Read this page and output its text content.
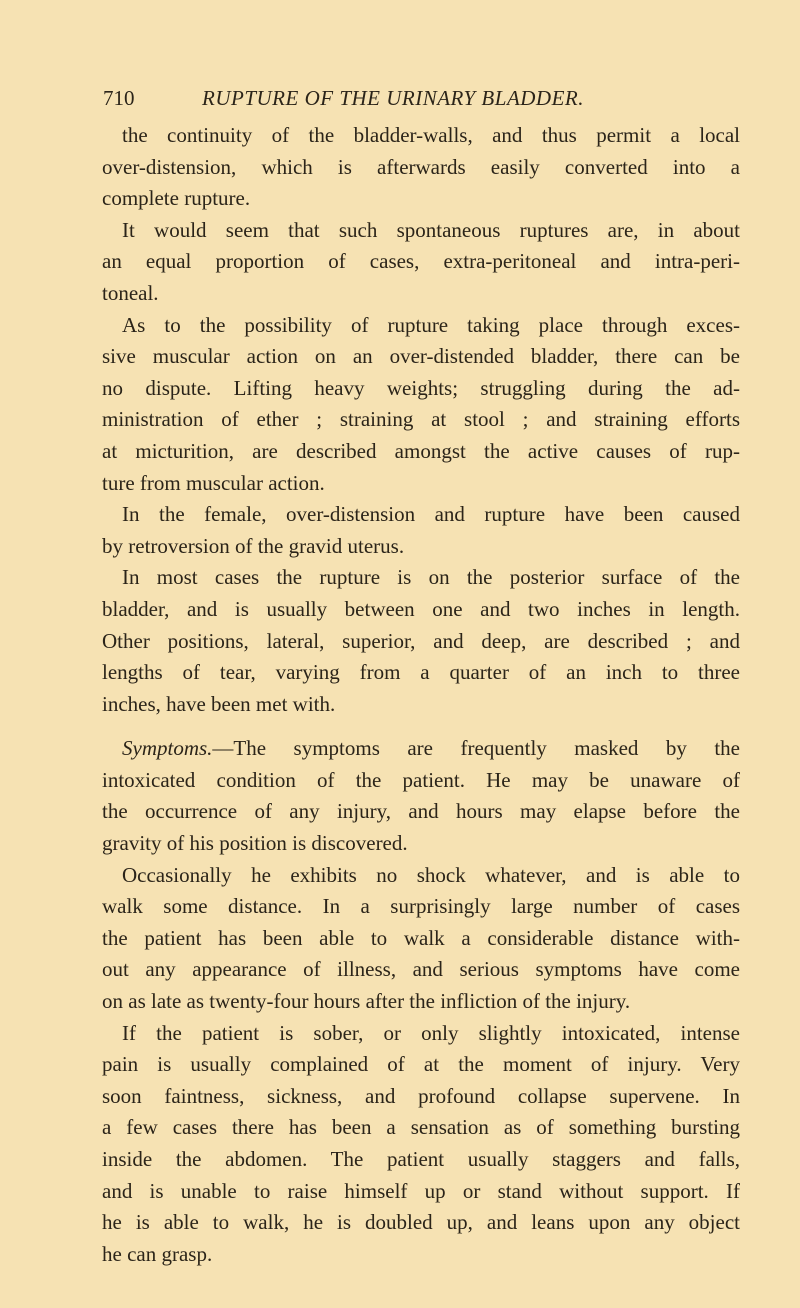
710	RUPTURE OF THE URINARY BLADDER.
the continuity of the bladder-walls, and thus permit a local
over-distension, which is afterwards easily converted into a
complete rupture.
It would seem that such spontaneous ruptures are, in about
an equal proportion of cases, extra-peritoneal and intra-peri-
toneal.
As to the possibility of rupture taking place through exces-
sive muscular action on an over-distended bladder, there can be
no dispute. Lifting heavy weights; struggling during the ad-
ministration of ether ; straining at stool ; and straining efforts
at micturition, are described amongst the active causes of rup-
ture from muscular action.
In the female, over-distension and rupture have been caused
by retroversion of the gravid uterus.
In most cases the rupture is on the posterior surface of the
bladder, and is usually between one and two inches in length.
Other positions, lateral, superior, and deep, are described ; and
lengths of tear, varying from a quarter of an inch to three
inches, have been met with.
Symptoms.—The symptoms are frequently masked by the
intoxicated condition of the patient. He may be unaware of
the occurrence of any injury, and hours may elapse before the
gravity of his position is discovered.
Occasionally he exhibits no shock whatever, and is able to
walk some distance. In a surprisingly large number of cases
the patient has been able to walk a considerable distance with-
out any appearance of illness, and serious symptoms have come
on as late as twenty-four hours after the infliction of the injury.
If the patient is sober, or only slightly intoxicated, intense
pain is usually complained of at the moment of injury. Very
soon faintness, sickness, and profound collapse supervene. In
a few cases there has been a sensation as of something bursting
inside the abdomen. The patient usually staggers and falls,
and is unable to raise himself up or stand without support. If
he is able to walk, he is doubled up, and leans upon any object
he can grasp.
